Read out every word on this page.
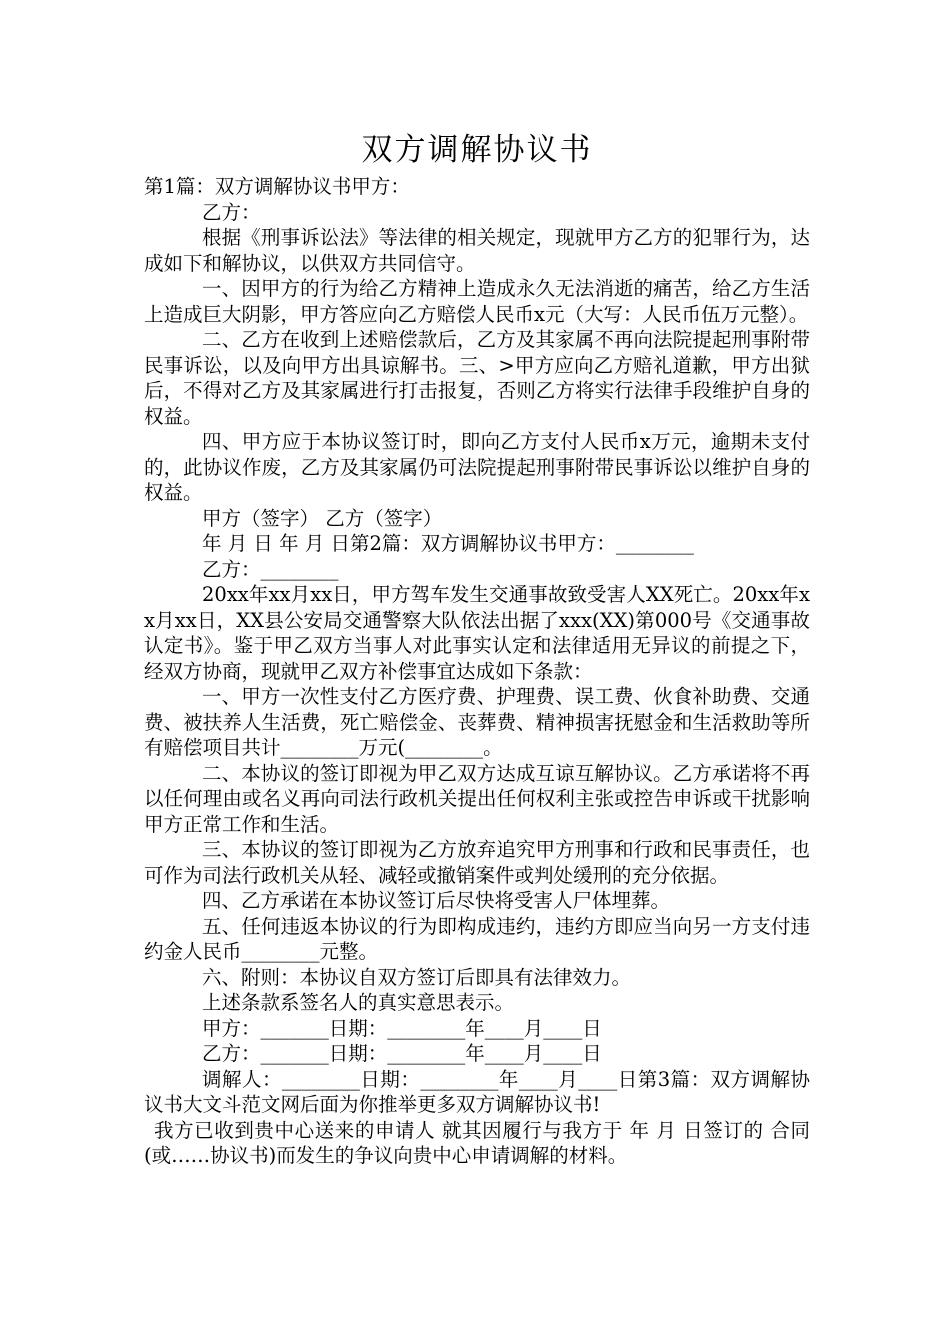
双方调解协议书

第1篇：双方调解协议书甲方：

乙方：

根据《刑事诉讼法》等法律的相关规定，现就甲方乙方的犯罪行为，达成如下和解协议，以供双方共同信守。

一、因甲方的行为给乙方精神上造成永久无法消逝的痛苦，给乙方生活上造成巨大阴影，甲方答应向乙方赔偿人民币x元（大写：人民币伍万元整）。

二、乙方在收到上述赔偿款后，乙方及其家属不再向法院提起刑事附带民事诉讼，以及向甲方出具谅解书。三、>甲方应向乙方赔礼道歉，甲方出狱后，不得对乙方及其家属进行打击报复，否则乙方将实行法律手段维护自身的权益。

四、甲方应于本协议签订时，即向乙方支付人民币x万元，逾期未支付的，此协议作废，乙方及其家属仍可法院提起刑事附带民事诉讼以维护自身的权益。

甲方（签字） 乙方（签字）

年 月 日 年 月 日第2篇：双方调解协议书甲方：________

乙方：________

20xx年xx月xx日，甲方驾车发生交通事故致受害人XX死亡。20xx年xx月xx日，XX县公安局交通警察大队依法出据了xxx(XX)第000号《交通事故认定书》。鉴于甲乙双方当事人对此事实认定和法律适用无异议的前提之下，经双方协商，现就甲乙双方补偿事宜达成如下条款：

一、甲方一次性支付乙方医疗费、护理费、误工费、伙食补助费、交通费、被扶养人生活费，死亡赔偿金、丧葬费、精神损害抚慰金和生活救助等所有赔偿项目共计________万元(________。

二、本协议的签订即视为甲乙双方达成互谅互解协议。乙方承诺将不再以任何理由或名义再向司法行政机关提出任何权利主张或控告申诉或干扰影响甲方正常工作和生活。

三、本协议的签订即视为乙方放弃追究甲方刑事和行政和民事责任，也可作为司法行政机关从轻、减轻或撤销案件或判处缓刑的充分依据。

四、乙方承诺在本协议签订后尽快将受害人尸体埋葬。

五、任何违返本协议的行为即构成违约，违约方即应当向另一方支付违约金人民币________元整。

六、附则：本协议自双方签订后即具有法律效力。

上述条款系签名人的真实意思表示。

甲方：_______日期：________年____月____日

乙方：_______日期：________年____月____日

调解人：________日期：________年____月____日第3篇：双方调解协议书大文斗范文网后面为你推举更多双方调解协议书!

我方已收到贵中心送来的申请人 就其因履行与我方于 年 月 日签订的 合同(或……协议书)而发生的争议向贵中心申请调解的材料。
